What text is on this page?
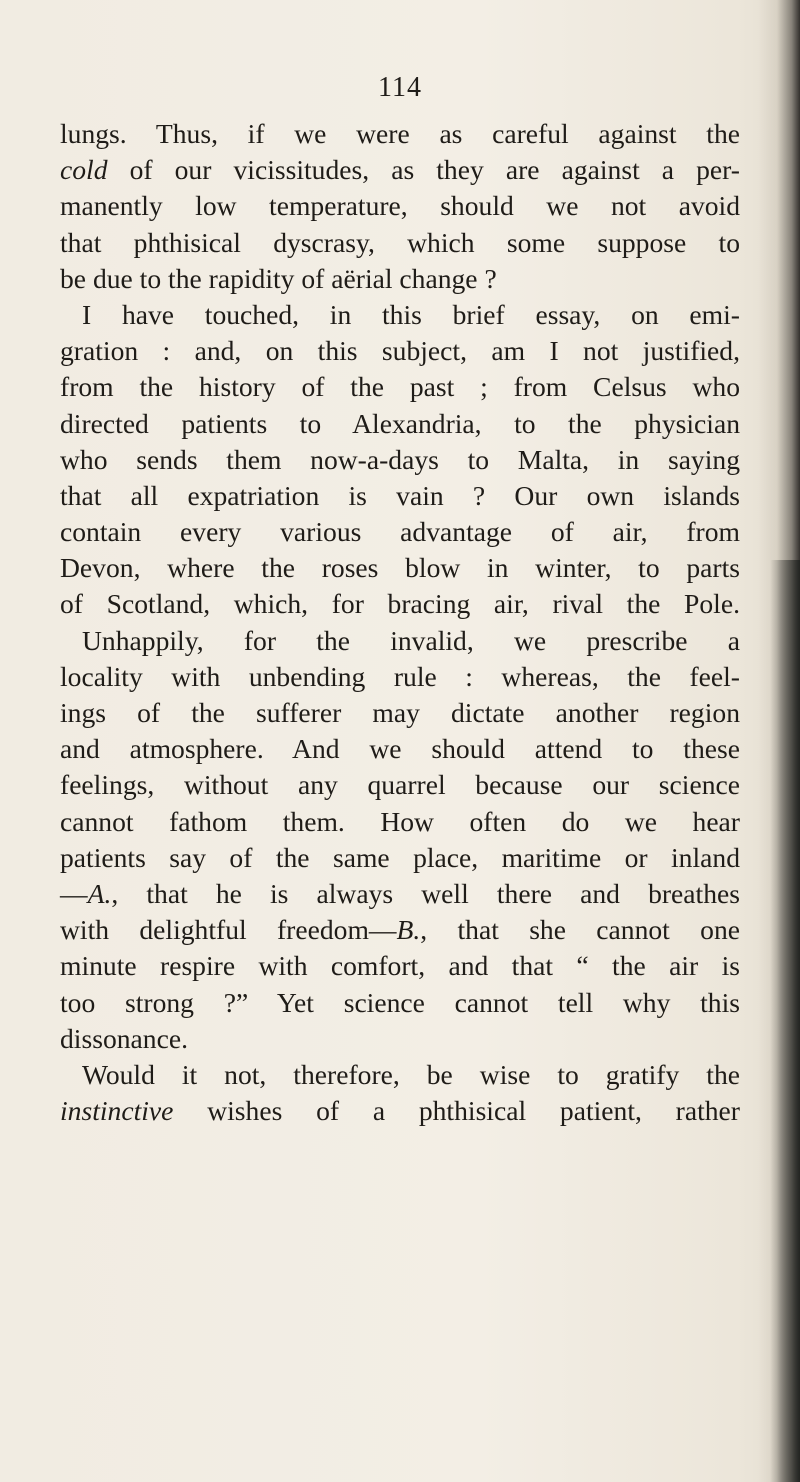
114
lungs. Thus, if we were as careful against the
cold of our vicissitudes, as they are against a per-
manently low temperature, should we not avoid
that phthisical dyscrasy, which some suppose to
be due to the rapidity of aërial change ?
I have touched, in this brief essay, on emi-
gration : and, on this subject, am I not justified,
from the history of the past ; from Celsus who
directed patients to Alexandria, to the physician
who sends them now-a-days to Malta, in saying
that all expatriation is vain ? Our own islands
contain every various advantage of air, from
Devon, where the roses blow in winter, to parts
of Scotland, which, for bracing air, rival the Pole.
Unhappily, for the invalid, we prescribe a
locality with unbending rule : whereas, the feel-
ings of the sufferer may dictate another region
and atmosphere. And we should attend to these
feelings, without any quarrel because our science
cannot fathom them. How often do we hear
patients say of the same place, maritime or inland
—A., that he is always well there and breathes
with delightful freedom—B., that she cannot one
minute respire with comfort, and that “ the air is
too strong ?” Yet science cannot tell why this
dissonance.
Would it not, therefore, be wise to gratify the
instinctive wishes of a phthisical patient, rather
